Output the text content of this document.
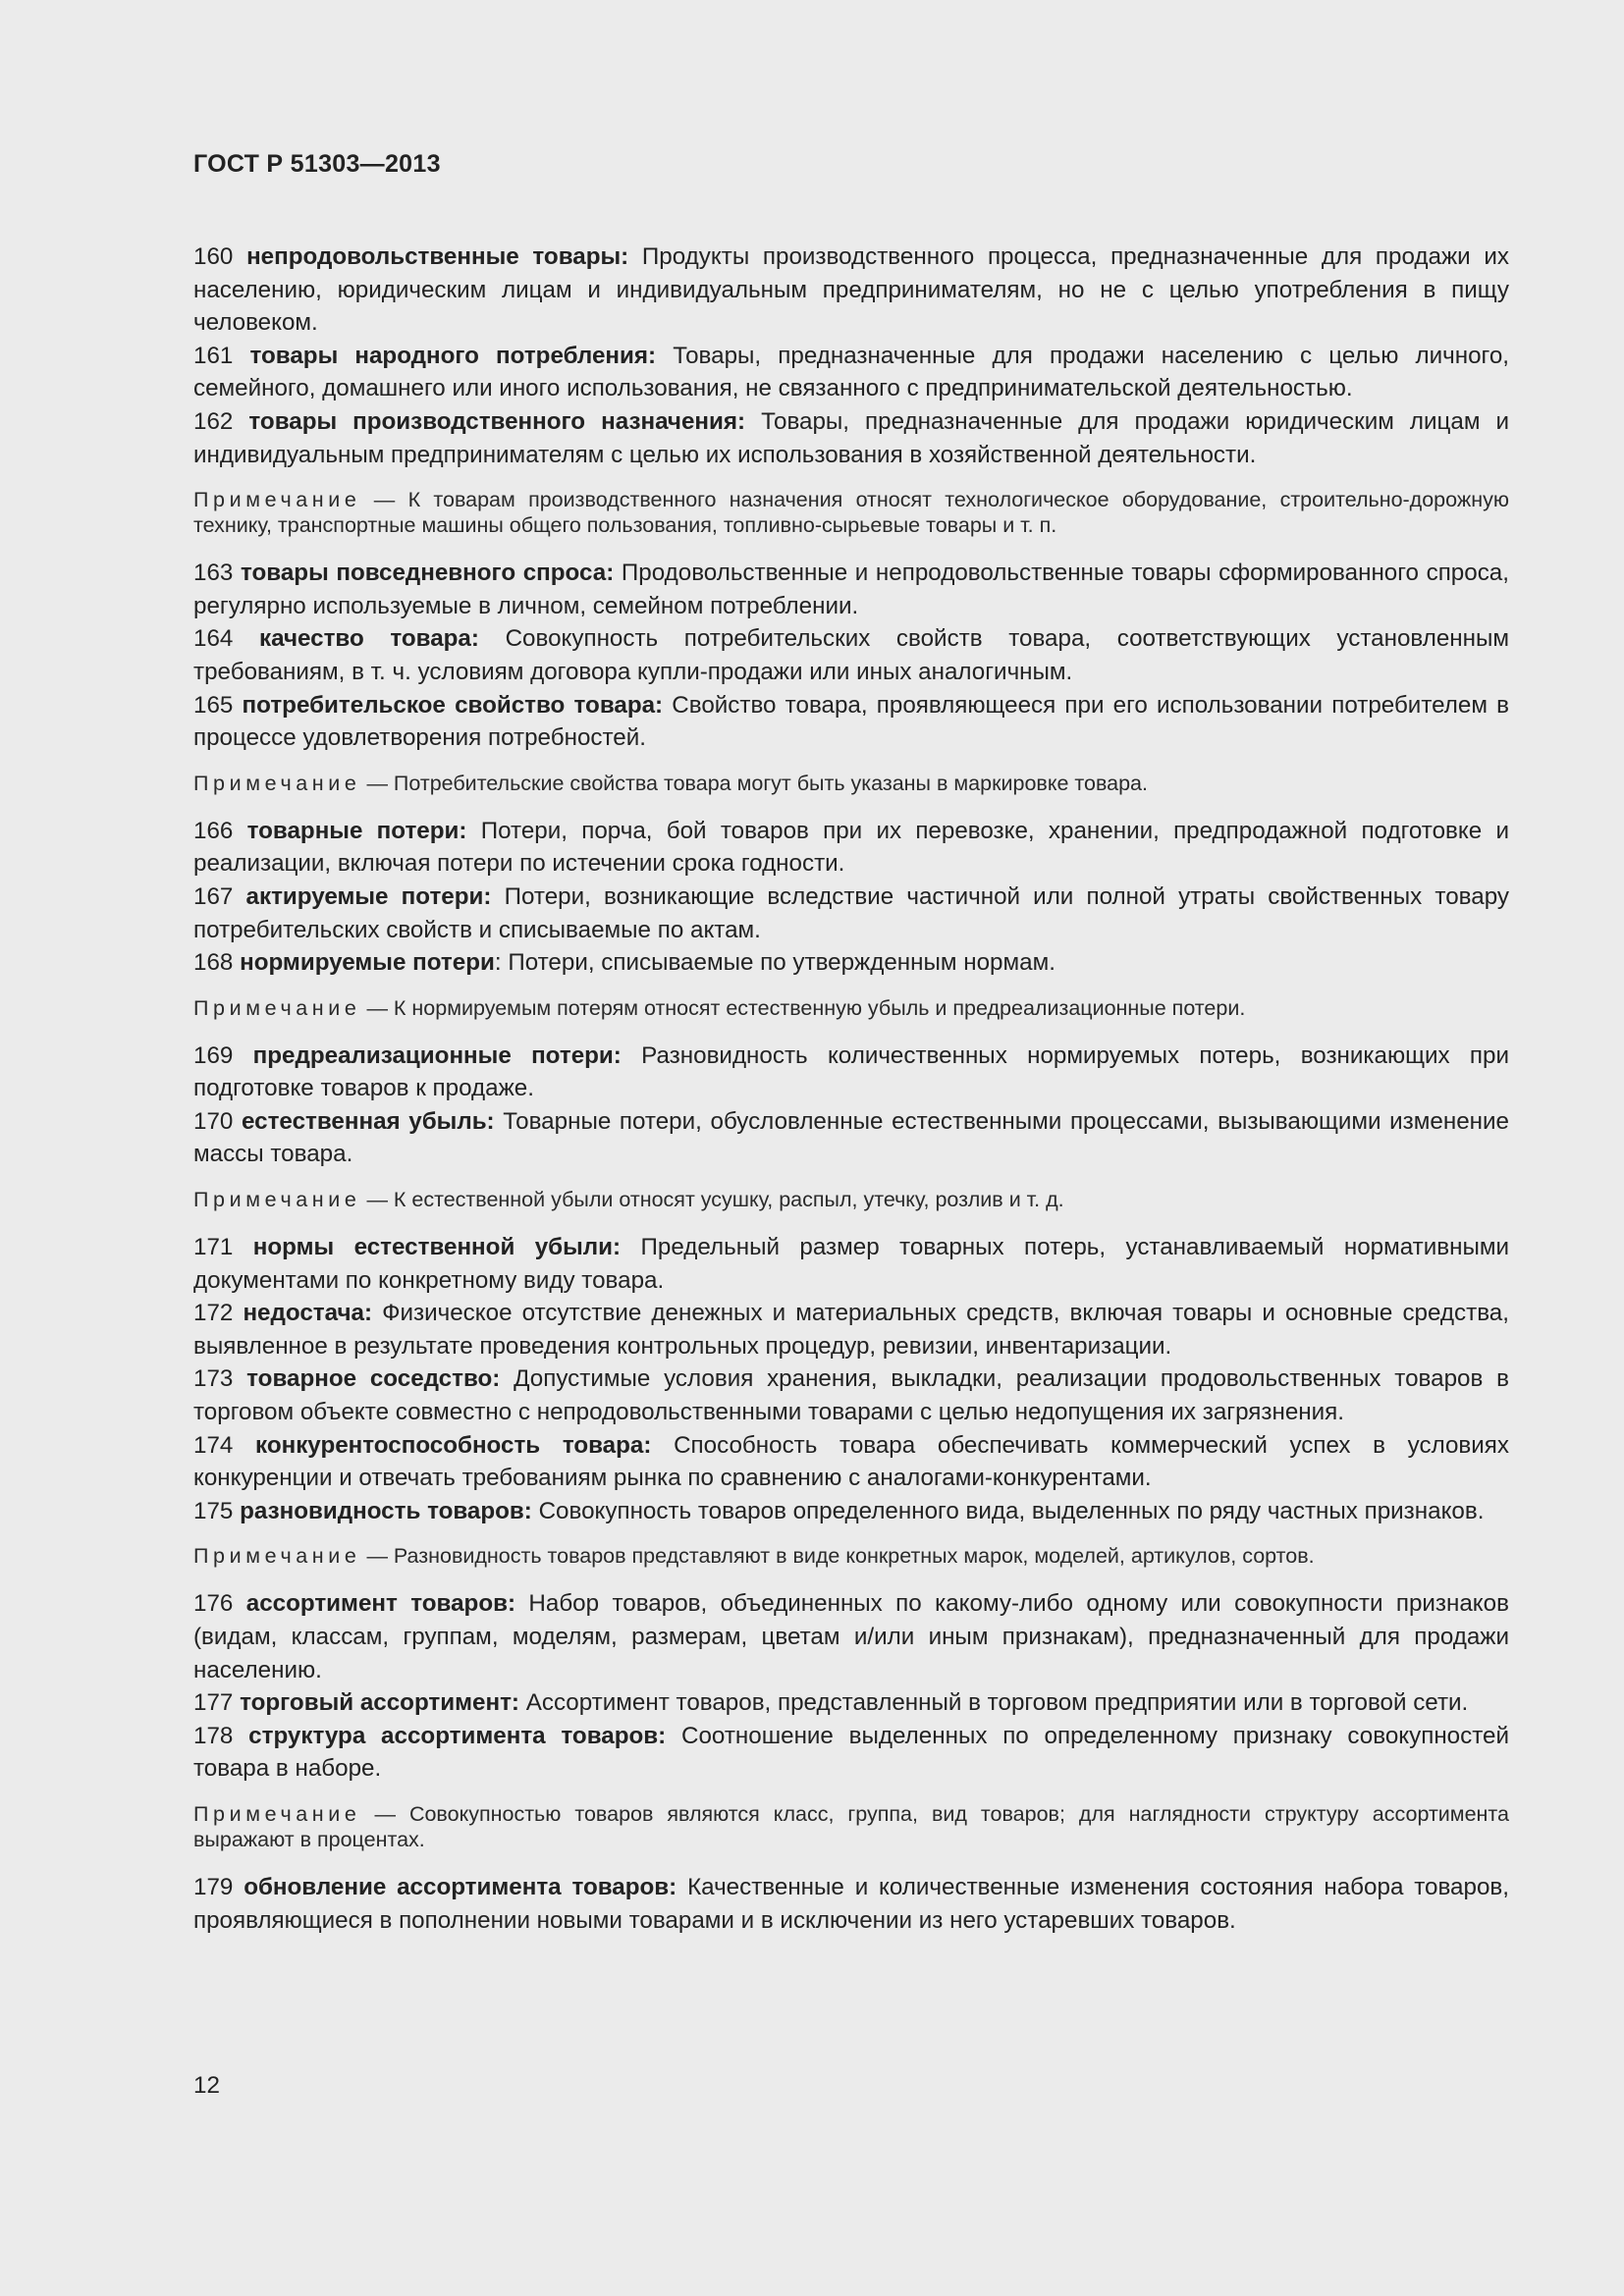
ГОСТ Р 51303—2013

160 непродовольственные товары: Продукты производственного процесса, предназначенные для продажи их населению, юридическим лицам и индивидуальным предпринимателям, но не с целью употребления в пищу человеком.

161 товары народного потребления: Товары, предназначенные для продажи населению с целью личного, семейного, домашнего или иного использования, не связанного с предпринимательской деятельностью.

162 товары производственного назначения: Товары, предназначенные для продажи юридическим лицам и индивидуальным предпринимателям с целью их использования в хозяйственной деятельности.

Примечание — К товарам производственного назначения относят технологическое оборудование, строительно-дорожную технику, транспортные машины общего пользования, топливно-сырьевые товары и т. п.

163 товары повседневного спроса: Продовольственные и непродовольственные товары сформированного спроса, регулярно используемые в личном, семейном потреблении.

164 качество товара: Совокупность потребительских свойств товара, соответствующих установленным требованиям, в т. ч. условиям договора купли-продажи или иных аналогичным.

165 потребительское свойство товара: Свойство товара, проявляющееся при его использовании потребителем в процессе удовлетворения потребностей.

Примечание — Потребительские свойства товара могут быть указаны в маркировке товара.

166 товарные потери: Потери, порча, бой товаров при их перевозке, хранении, предпродажной подготовке и реализации, включая потери по истечении срока годности.

167 актируемые потери: Потери, возникающие вследствие частичной или полной утраты свойственных товару потребительских свойств и списываемые по актам.

168 нормируемые потери: Потери, списываемые по утвержденным нормам.

Примечание — К нормируемым потерям относят естественную убыль и предреализационные потери.

169 предреализационные потери: Разновидность количественных нормируемых потерь, возникающих при подготовке товаров к продаже.

170 естественная убыль: Товарные потери, обусловленные естественными процессами, вызывающими изменение массы товара.

Примечание — К естественной убыли относят усушку, распыл, утечку, розлив и т. д.

171 нормы естественной убыли: Предельный размер товарных потерь, устанавливаемый нормативными документами по конкретному виду товара.

172 недостача: Физическое отсутствие денежных и материальных средств, включая товары и основные средства, выявленное в результате проведения контрольных процедур, ревизии, инвентаризации.

173 товарное соседство: Допустимые условия хранения, выкладки, реализации продовольственных товаров в торговом объекте совместно с непродовольственными товарами с целью недопущения их загрязнения.

174 конкурентоспособность товара: Способность товара обеспечивать коммерческий успех в условиях конкуренции и отвечать требованиям рынка по сравнению с аналогами-конкурентами.

175 разновидность товаров: Совокупность товаров определенного вида, выделенных по ряду частных признаков.

Примечание — Разновидность товаров представляют в виде конкретных марок, моделей, артикулов, сортов.

176 ассортимент товаров: Набор товаров, объединенных по какому-либо одному или совокупности признаков (видам, классам, группам, моделям, размерам, цветам и/или иным признакам), предназначенный для продажи населению.

177 торговый ассортимент: Ассортимент товаров, представленный в торговом предприятии или в торговой сети.

178 структура ассортимента товаров: Соотношение выделенных по определенному признаку совокупностей товара в наборе.

Примечание — Совокупностью товаров являются класс, группа, вид товаров; для наглядности структуру ассортимента выражают в процентах.

179 обновление ассортимента товаров: Качественные и количественные изменения состояния набора товаров, проявляющиеся в пополнении новыми товарами и в исключении из него устаревших товаров.

12
